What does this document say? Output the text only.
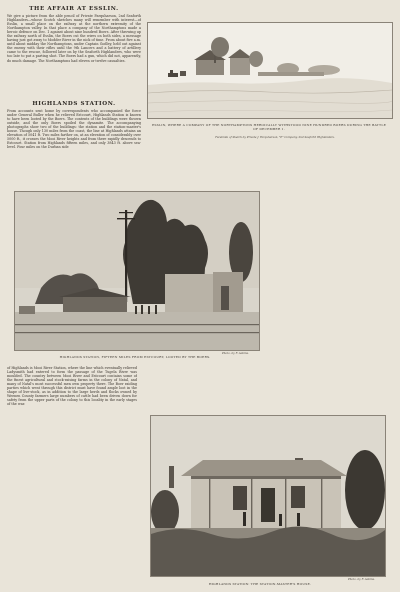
THE AFFAIR AT ESSLIN.
We give a picture from the able pencil of Private Farquharson, 2nd Seaforth Highlanders—whose Scotch sketches many will remember with interest—of Esslin, a small place on the railway at the northern extremity of the Northampton valley. In that place a company of the Northamptons made a heroic defence on Dec. 1 against about nine hundred Boers. After throwing up the railway north of Esslin, the Boers cut the wires on both sides, a message having just got away to Modder River in the nick of time. From about five a.m. until about midday the Northamptons, under Captain Godley, held out against the enemy with their rifles until the 9th Lancers and a battery of artillery came to the rescue, followed later on by the Seaforth Highlanders, who were too late to put a parting shot. The Boers had a gun, which did not, apparently, do much damage. The Northamptons had eleven or twelve casualties.
HIGHLANDS STATION.
From accounts sent home by correspondents who accompanied the force under General Buller when he relieved Estcourt, Highlands Station is known to have been looted by the Boers. The contents of the buildings were thrown outside, and the only Boers spoiled the dynamite. The accompanying photographs show two of the buildings: the station and the station-master's house. Though only 130 miles from the coast, the line at Highlands attains an elevation of 5041 ft. Two miles farther on, at an elevation of considerably over 5000 ft., it crosses the Mooi River heights and from there rapidly descends to Estcourt. Station from Highlands fifteen miles, and only 3843 ft. above sea-level. Four miles on the Durban side
ESSLIN, WHERE A COMPANY OF THE NORTHAMPTONS HEROICALLY WITHSTOOD NINE HUNDRED BOERS DURING THE BATTLE OF DECEMBER 1.
Facsimile of Sketch by Private J. Farquharson, "E" Company, 2nd Seaforth Highlanders.
HIGHLANDS STATION, FIFTEEN MILES FROM ESTCOURT, LOOTED BY THE BOERS.
Photo. by F. Adams.
of Highlands is Mooi River Station, where the line which eventually relieved Ladysmith had entered to form the passage of the Tugela River was moulded. The country between Mooi River and Estcourt contains some of the finest agricultural and stock-raising farms in the colony of Natal, and many of Natal's most successful men own property there. The Boer raiding parties which went through this district must have found ample loot in the shape of live-stock, as in addition to the large herds and flocks owned by Weenen County farmers large numbers of cattle had been driven down for safety from the upper parts of the colony to this locality in the early stages of the war.
HIGHLANDS STATION: THE STATION-MASTER'S HOUSE.
Photo. by F. Adams.
